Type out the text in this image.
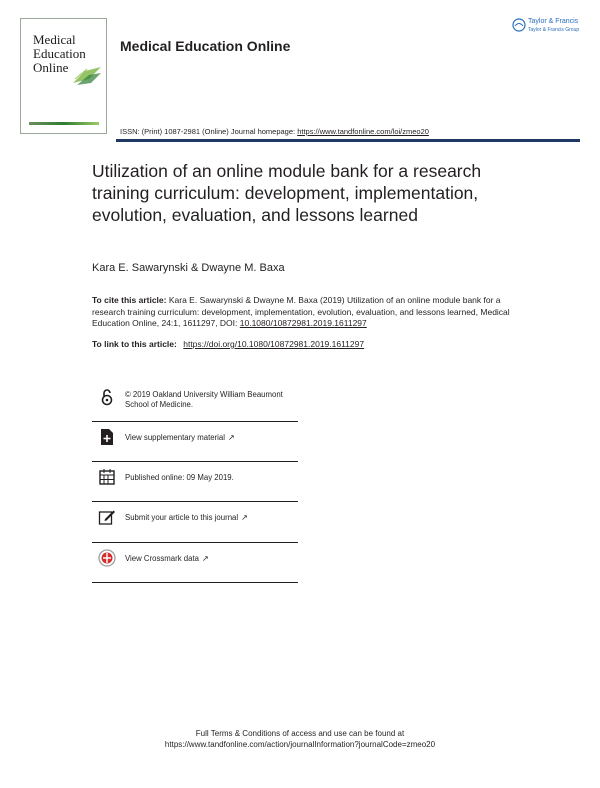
Medical
Education
Online
Medical Education Online
Taylor & Francis
Taylor & Francis Group
ISSN: (Print) 1087-2981 (Online) Journal homepage: https://www.tandfonline.com/loi/zmeo20
Utilization of an online module bank for a research training curriculum: development, implementation, evolution, evaluation, and lessons learned
Kara E. Sawarynski & Dwayne M. Baxa
To cite this article: Kara E. Sawarynski & Dwayne M. Baxa (2019) Utilization of an online module bank for a research training curriculum: development, implementation, evolution, evaluation, and lessons learned, Medical Education Online, 24:1, 1611297, DOI: 10.1080/10872981.2019.1611297
To link to this article: https://doi.org/10.1080/10872981.2019.1611297
© 2019 Oakland University William Beaumont School of Medicine.
View supplementary material ↗
Published online: 09 May 2019.
Submit your article to this journal ↗
View Crossmark data ↗
Full Terms & Conditions of access and use can be found at
https://www.tandfonline.com/action/journalInformation?journalCode=zmeo20
